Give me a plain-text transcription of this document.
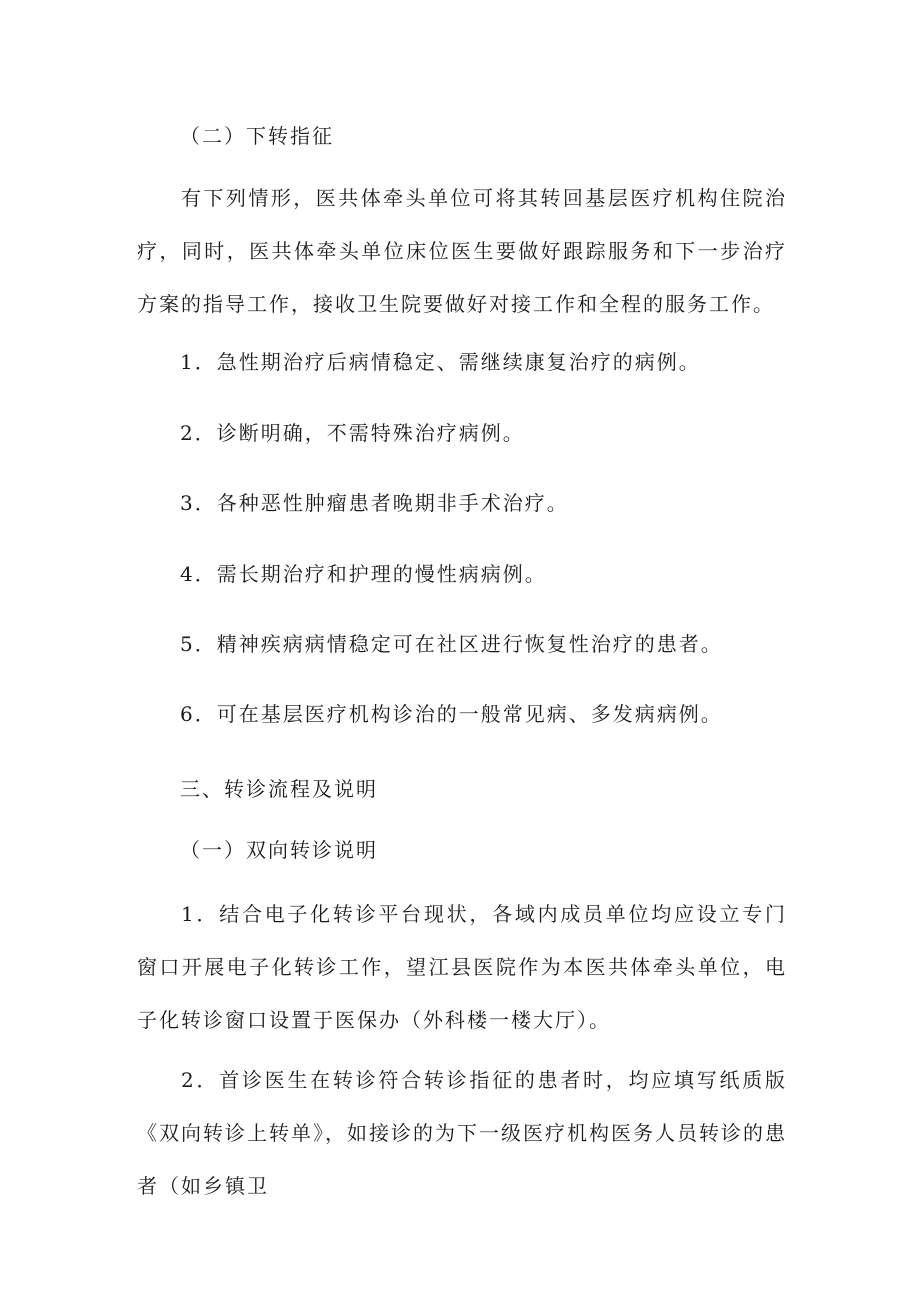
（二）下转指征
有下列情形，医共体牵头单位可将其转回基层医疗机构住院治疗，同时，医共体牵头单位床位医生要做好跟踪服务和下一步治疗方案的指导工作，接收卫生院要做好对接工作和全程的服务工作。
1．急性期治疗后病情稳定、需继续康复治疗的病例。
2．诊断明确，不需特殊治疗病例。
3．各种恶性肿瘤患者晚期非手术治疗。
4．需长期治疗和护理的慢性病病例。
5．精神疾病病情稳定可在社区进行恢复性治疗的患者。
6．可在基层医疗机构诊治的一般常见病、多发病病例。
三、转诊流程及说明
（一）双向转诊说明
1．结合电子化转诊平台现状，各域内成员单位均应设立专门窗口开展电子化转诊工作，望江县医院作为本医共体牵头单位，电子化转诊窗口设置于医保办（外科楼一楼大厅）。
2．首诊医生在转诊符合转诊指征的患者时，均应填写纸质版《双向转诊上转单》，如接诊的为下一级医疗机构医务人员转诊的患者（如乡镇卫
